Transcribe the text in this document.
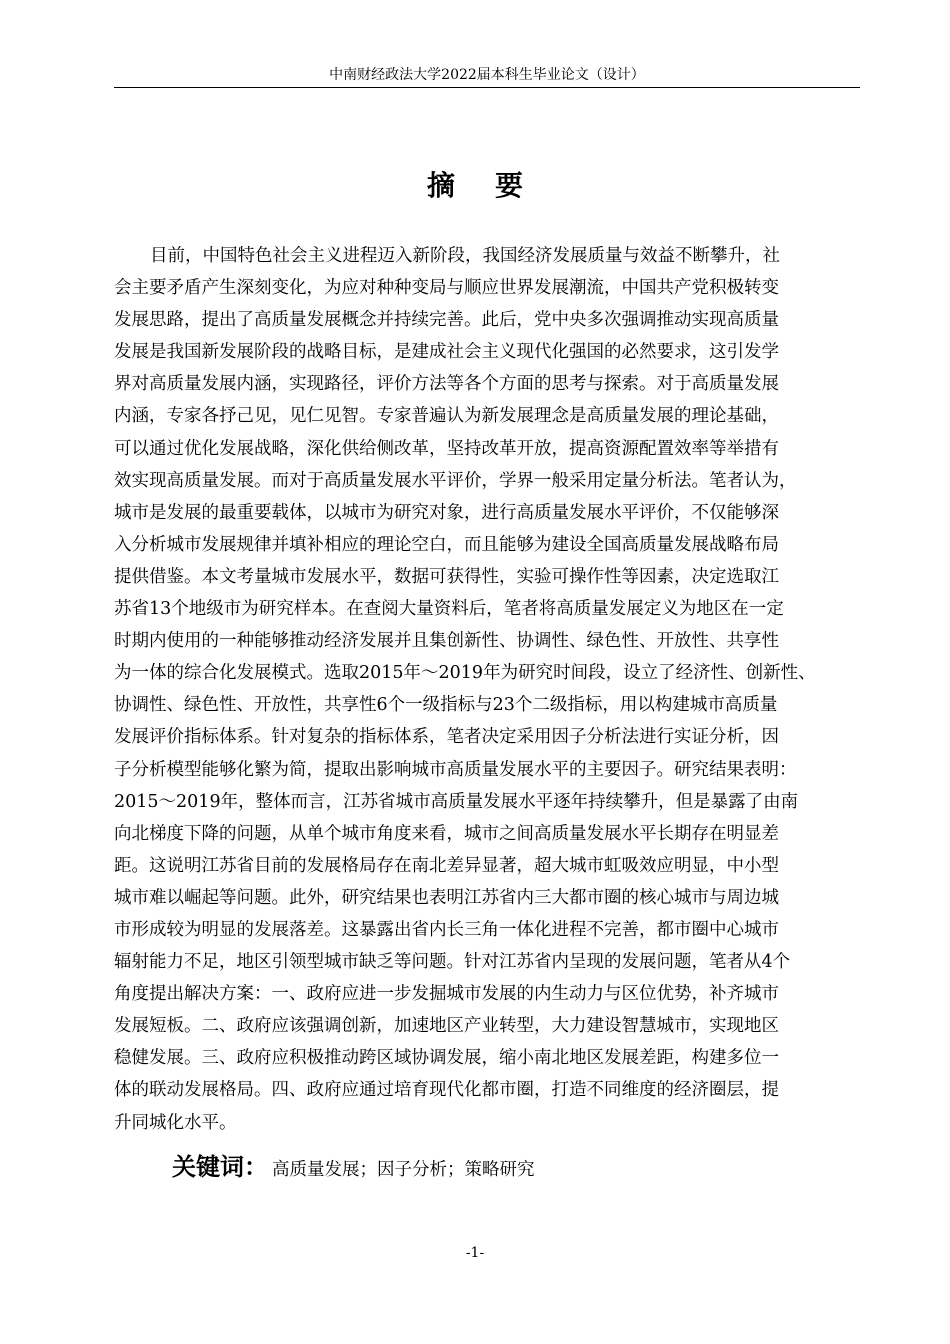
中南财经政法大学2022届本科生毕业论文（设计）
摘 要
目前，中国特色社会主义进程迈入新阶段，我国经济发展质量与效益不断攀升，社
会主要矛盾产生深刻变化，为应对种种变局与顺应世界发展潮流，中国共产党积极转变
发展思路，提出了高质量发展概念并持续完善。此后，党中央多次强调推动实现高质量
发展是我国新发展阶段的战略目标，是建成社会主义现代化强国的必然要求，这引发学
界对高质量发展内涵，实现路径，评价方法等各个方面的思考与探索。对于高质量发展
内涵，专家各抒己见，见仁见智。专家普遍认为新发展理念是高质量发展的理论基础，
可以通过优化发展战略，深化供给侧改革，坚持改革开放，提高资源配置效率等举措有
效实现高质量发展。而对于高质量发展水平评价，学界一般采用定量分析法。笔者认为，
城市是发展的最重要载体，以城市为研究对象，进行高质量发展水平评价，不仅能够深
入分析城市发展规律并填补相应的理论空白，而且能够为建设全国高质量发展战略布局
提供借鉴。本文考量城市发展水平，数据可获得性，实验可操作性等因素，决定选取江
苏省13个地级市为研究样本。在查阅大量资料后，笔者将高质量发展定义为地区在一定
时期内使用的一种能够推动经济发展并且集创新性、协调性、绿色性、开放性、共享性
为一体的综合化发展模式。选取2015年～2019年为研究时间段，设立了经济性、创新性、
协调性、绿色性、开放性，共享性6个一级指标与23个二级指标，用以构建城市高质量
发展评价指标体系。针对复杂的指标体系，笔者决定采用因子分析法进行实证分析，因
子分析模型能够化繁为简，提取出影响城市高质量发展水平的主要因子。研究结果表明：
2015～2019年，整体而言，江苏省城市高质量发展水平逐年持续攀升，但是暴露了由南
向北梯度下降的问题，从单个城市角度来看，城市之间高质量发展水平长期存在明显差
距。这说明江苏省目前的发展格局存在南北差异显著，超大城市虹吸效应明显，中小型
城市难以崛起等问题。此外，研究结果也表明江苏省内三大都市圈的核心城市与周边城
市形成较为明显的发展落差。这暴露出省内长三角一体化进程不完善，都市圈中心城市
辐射能力不足，地区引领型城市缺乏等问题。针对江苏省内呈现的发展问题，笔者从4个
角度提出解决方案：一、政府应进一步发掘城市发展的内生动力与区位优势，补齐城市
发展短板。二、政府应该强调创新，加速地区产业转型，大力建设智慧城市，实现地区
稳健发展。三、政府应积极推动跨区域协调发展，缩小南北地区发展差距，构建多位一
体的联动发展格局。四、政府应通过培育现代化都市圈，打造不同维度的经济圈层，提
升同城化水平。
关键词： 高质量发展；因子分析；策略研究
-1-
